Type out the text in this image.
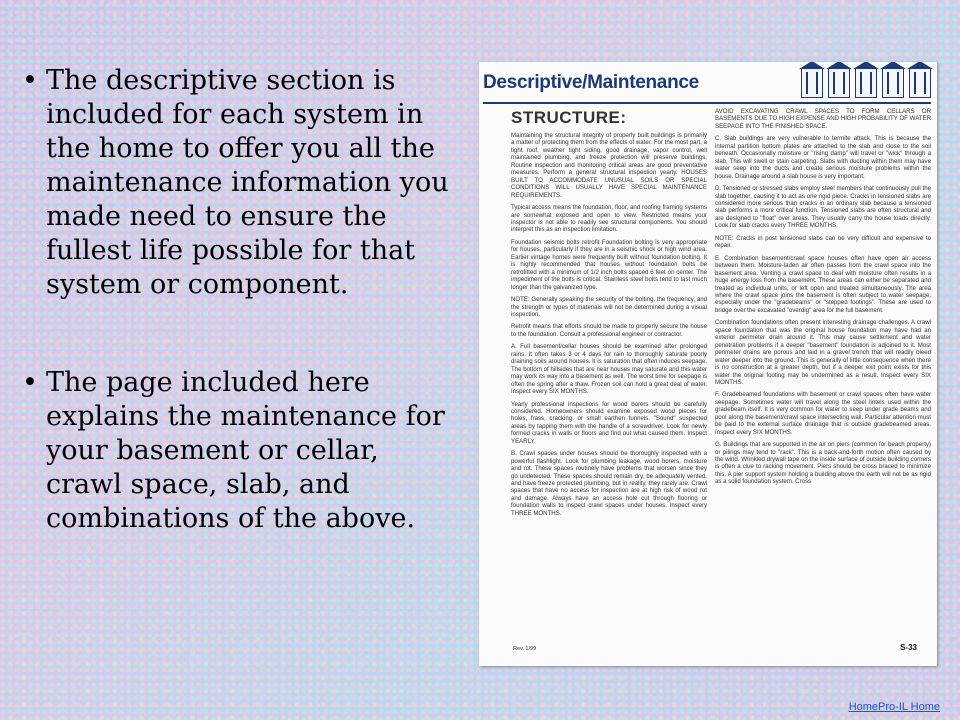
• The descriptive section is included for each system in the home to offer you all the maintenance information you made need to ensure the fullest life possible for that system or component.
• The page included here explains the maintenance for your basement or cellar, crawl space, slab, and combinations of the above.
Descriptive/Maintenance
STRUCTURE:

Maintaining the structural integrity of properly built buildings is primarily a matter of protecting them from the effects of water. For the most part, a tight roof, weather tight siding, good drainage, vapor control, well maintained plumbing, and freeze protection will preserve buildings. Routine inspection and monitoring critical areas are good preventative measures. Perform a general structural inspection yearly. HOUSES BUILT TO ACCOMMODATE UNUSUAL SOILS OR SPECIAL CONDITIONS WILL USUALLY HAVE SPECIAL MAINTENANCE REQUIREMENTS.

Typical access means the foundation, floor, and roofing framing systems are somewhat exposed and open to view. Restricted means your inspector is not able to readily see structural components. You should interpret this as an inspection limitation.

Foundation seismic bolts retrofit Foundation bolting is very appropriate for houses, particularly if they are in a seismic shock or high wind area. Earlier vintage homes were frequently built without foundation bolting. It is highly recommended that houses without foundation bolts be retrofitted with a minimum of 1/2 inch bolts spaced 6 feet on center. The impediment of the bolts is critical. Stainless steel bolts tend to last much longer than the galvanized type.

NOTE: Generally speaking the security of the bolting, the frequency, and the strength or types of materials will not be determined during a visual inspection.

Retrofit means that efforts should be made to properly secure the house to the foundation. Consult a professional engineer or contractor.

A. Full basement/cellar houses should be examined after prolonged rains. It often takes 3 or 4 days for rain to thoroughly saturate poorly draining soils around houses. It is saturation that often induces seepage. The bottom of hillsides that are near houses may saturate and this water may work its way into a basement as well. The worst time for seepage is often the spring after a thaw. Frozen soil can hold a great deal of water. Inspect every SIX MONTHS.

Yearly professional inspections for wood borers should be carefully considered. Homeowners should examine exposed wood pieces for holes, frass, cracking, or small earthen tunnels. "Sound" suspected areas by tapping them with the handle of a screwdriver. Look for newly formed cracks in walls or floors and find out what caused them. Inspect YEARLY.

B. Crawl spaces under houses should be thoroughly inspected with a powerful flashlight. Look for plumbing leakage, wood borers, moisture and rot. These spaces routinely have problems that worsen since they go undetected. These spaces should remain dry, be adequately vented, and have freeze protected plumbing, but in reality, they rarely are. Crawl spaces that have no access for inspection are at high risk of wood rot and damage. Always have an access hole cut through flooring or foundation walls to inspect crawl spaces under houses. Inspect every THREE MONTHS.

AVOID EXCAVATING CRAWL SPACES TO FORM CELLARS OR BASEMENTS DUE TO HIGH EXPENSE AND HIGH PROBABILITY OF WATER SEEPAGE INTO THE FINISHED SPACE.

C. Slab buildings are very vulnerable to termite attack. This is because the internal partition bottom plates are attached to the slab and close to the soil beneath. Occasionally moisture or "rising damp" will travel or "wick" through a slab. This will swell or stain carpeting. Slabs with ducting within them may have water seep into the ducts and create serious moisture problems within the house. Drainage around a slab house is very important.

D. Tensioned or stressed slabs employ steel members that continuously pull the slab together, causing it to act as one rigid piece. Cracks in tensioned slabs are considered more serious than cracks in an ordinary slab because a tensioned slab performs a more critical function. Tensioned slabs are often structural and are designed to "float" over areas. They usually carry the house loads directly. Look for slab cracks every THREE MONTHS.

NOTE: Cracks in post tensioned slabs can be very difficult and expensive to repair.

E. Combination basement/crawl space houses often have open air access between them. Moisture-laden air often passes from the crawl space into the basement area. Venting a crawl space to deal with moisture often results in a huge energy loss from the basement. These areas can either be separated and treated as individual units, or left open and treated simultaneously. The area where the crawl space joins the basement is often subject to water seepage, especially under the "gradebeams" or "stepped footings". These are used to bridge over the excavated "overdig" area for the full basement.

Combination foundations often present interesting drainage challenges. A crawl space foundation that was the original house foundation may have had an exterior perimeter drain around it. This may cause settlement and water penetration problems if a deeper "basement" foundation is adjoined to it. Most perimeter drains are porous and laid in a gravel trench that will readily bleed water deeper into the ground. This is generally of little consequence when there is no construction at a greater depth, but if a deeper exit point exists for this water the original footing may be undermined as a result. Inspect every SIX MONTHS.

F. Gradebeamed foundations with basement or crawl spaces often have water seepage. Sometimes water will travel along the steel lintels used within the gradebeam itself. It is very common for water to seep under grade beams and pool along the basement/crawl space intersecting wall. Particular attention must be paid to the external surface drainage that is outside gradebeamed areas. Inspect every SIX MONTHS.

G. Buildings that are supported in the air on piers (common for beach property) or pilings may tend to "rack". This is a back-and-forth motion often caused by the wind. Wrinkled drywall tape on the inside surface of outside building corners is often a clue to racking movement. Piers should be cross braced to minimize this. A pier support system holding a building above the earth will not be as rigid as a solid foundation system. Cross

Rev. 1/99	S-33
HomePro-IL Home
